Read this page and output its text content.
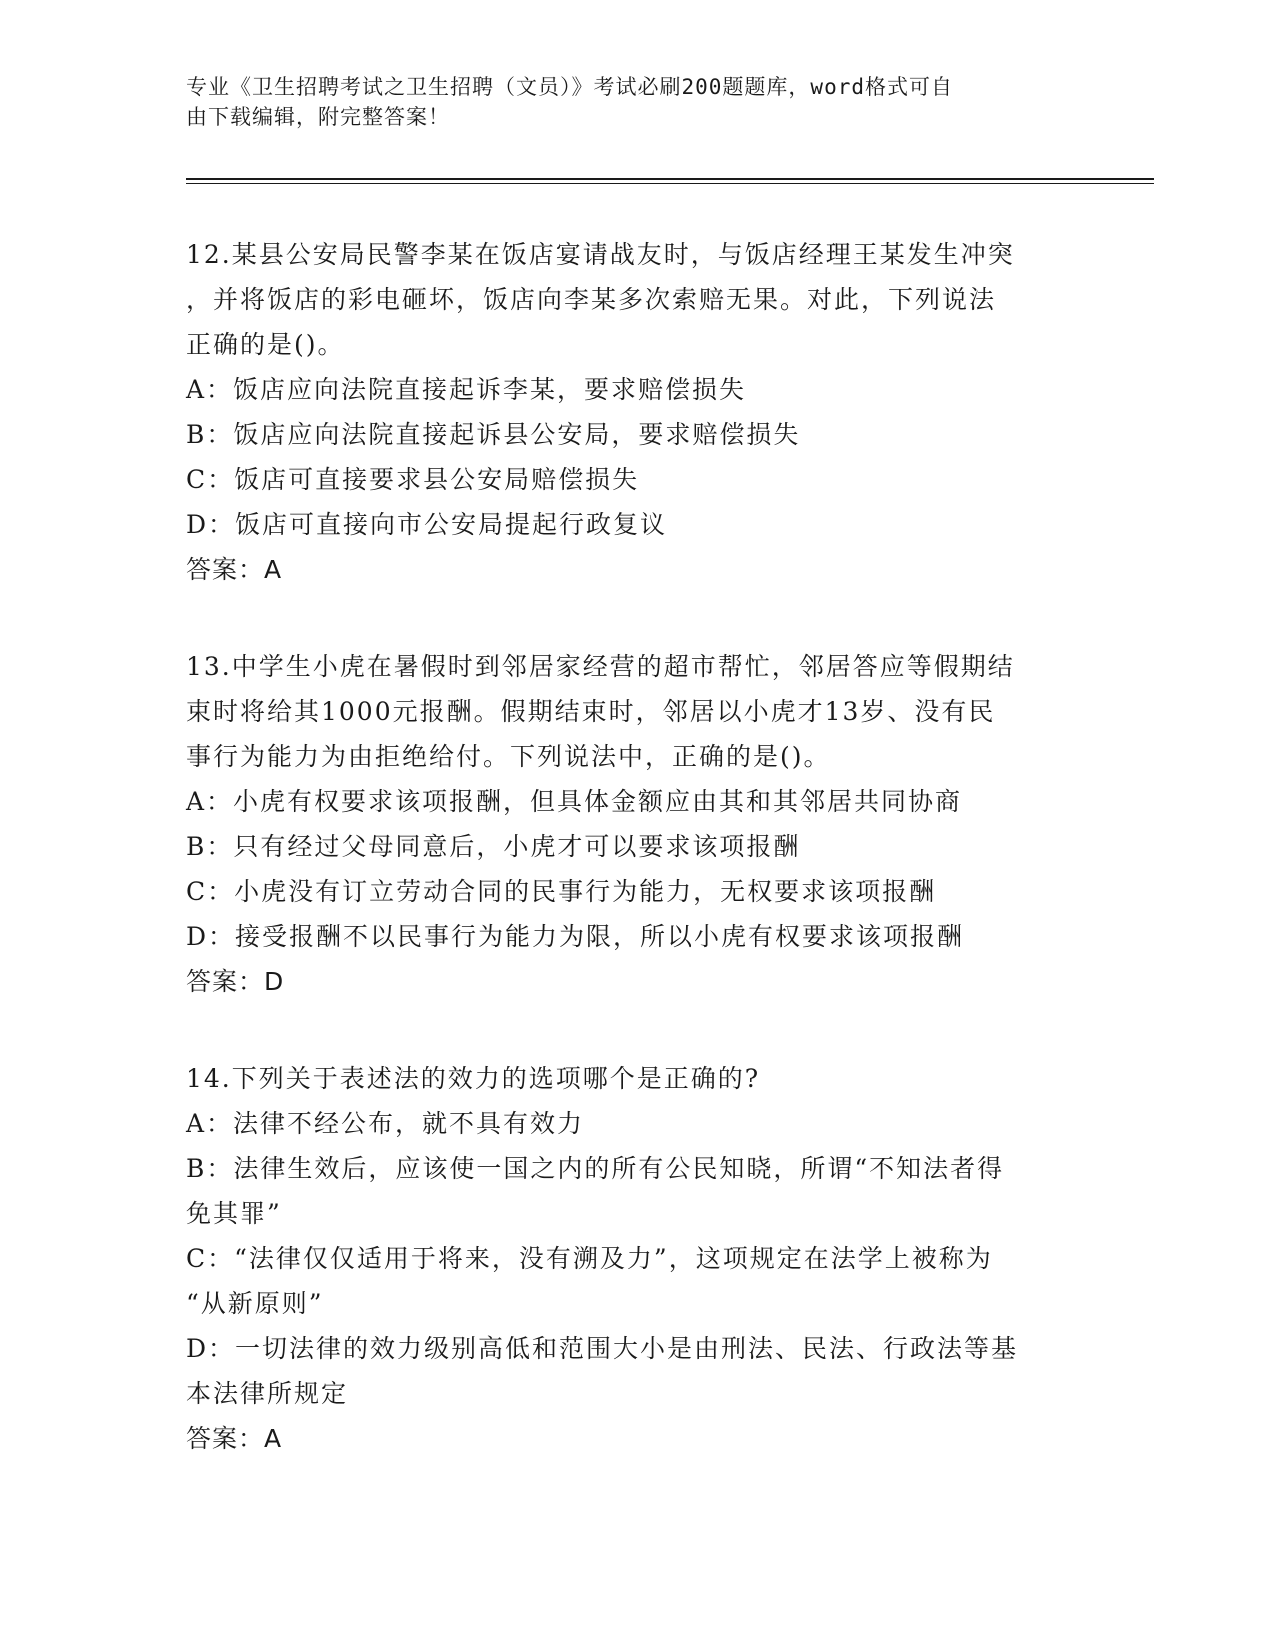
专业《卫生招聘考试之卫生招聘（文员）》考试必刷200题题库，word格式可自
由下载编辑，附完整答案！

12.某县公安局民警李某在饭店宴请战友时，与饭店经理王某发生冲突

，并将饭店的彩电砸坏，饭店向李某多次索赔无果。对此，下列说法

正确的是()。

A：饭店应向法院直接起诉李某，要求赔偿损失

B：饭店应向法院直接起诉县公安局，要求赔偿损失

C：饭店可直接要求县公安局赔偿损失

D：饭店可直接向市公安局提起行政复议

答案：A

13.中学生小虎在暑假时到邻居家经营的超市帮忙，邻居答应等假期结

束时将给其1000元报酬。假期结束时，邻居以小虎才13岁、没有民

事行为能力为由拒绝给付。下列说法中，正确的是()。

A：小虎有权要求该项报酬，但具体金额应由其和其邻居共同协商

B：只有经过父母同意后，小虎才可以要求该项报酬

C：小虎没有订立劳动合同的民事行为能力，无权要求该项报酬

D：接受报酬不以民事行为能力为限，所以小虎有权要求该项报酬

答案：D

14.下列关于表述法的效力的选项哪个是正确的?

A：法律不经公布，就不具有效力

B：法律生效后，应该使一国之内的所有公民知晓，所谓“不知法者得

免其罪”

C：“法律仅仅适用于将来，没有溯及力”，这项规定在法学上被称为

“从新原则”

D：一切法律的效力级别高低和范围大小是由刑法、民法、行政法等基

本法律所规定

答案：A
